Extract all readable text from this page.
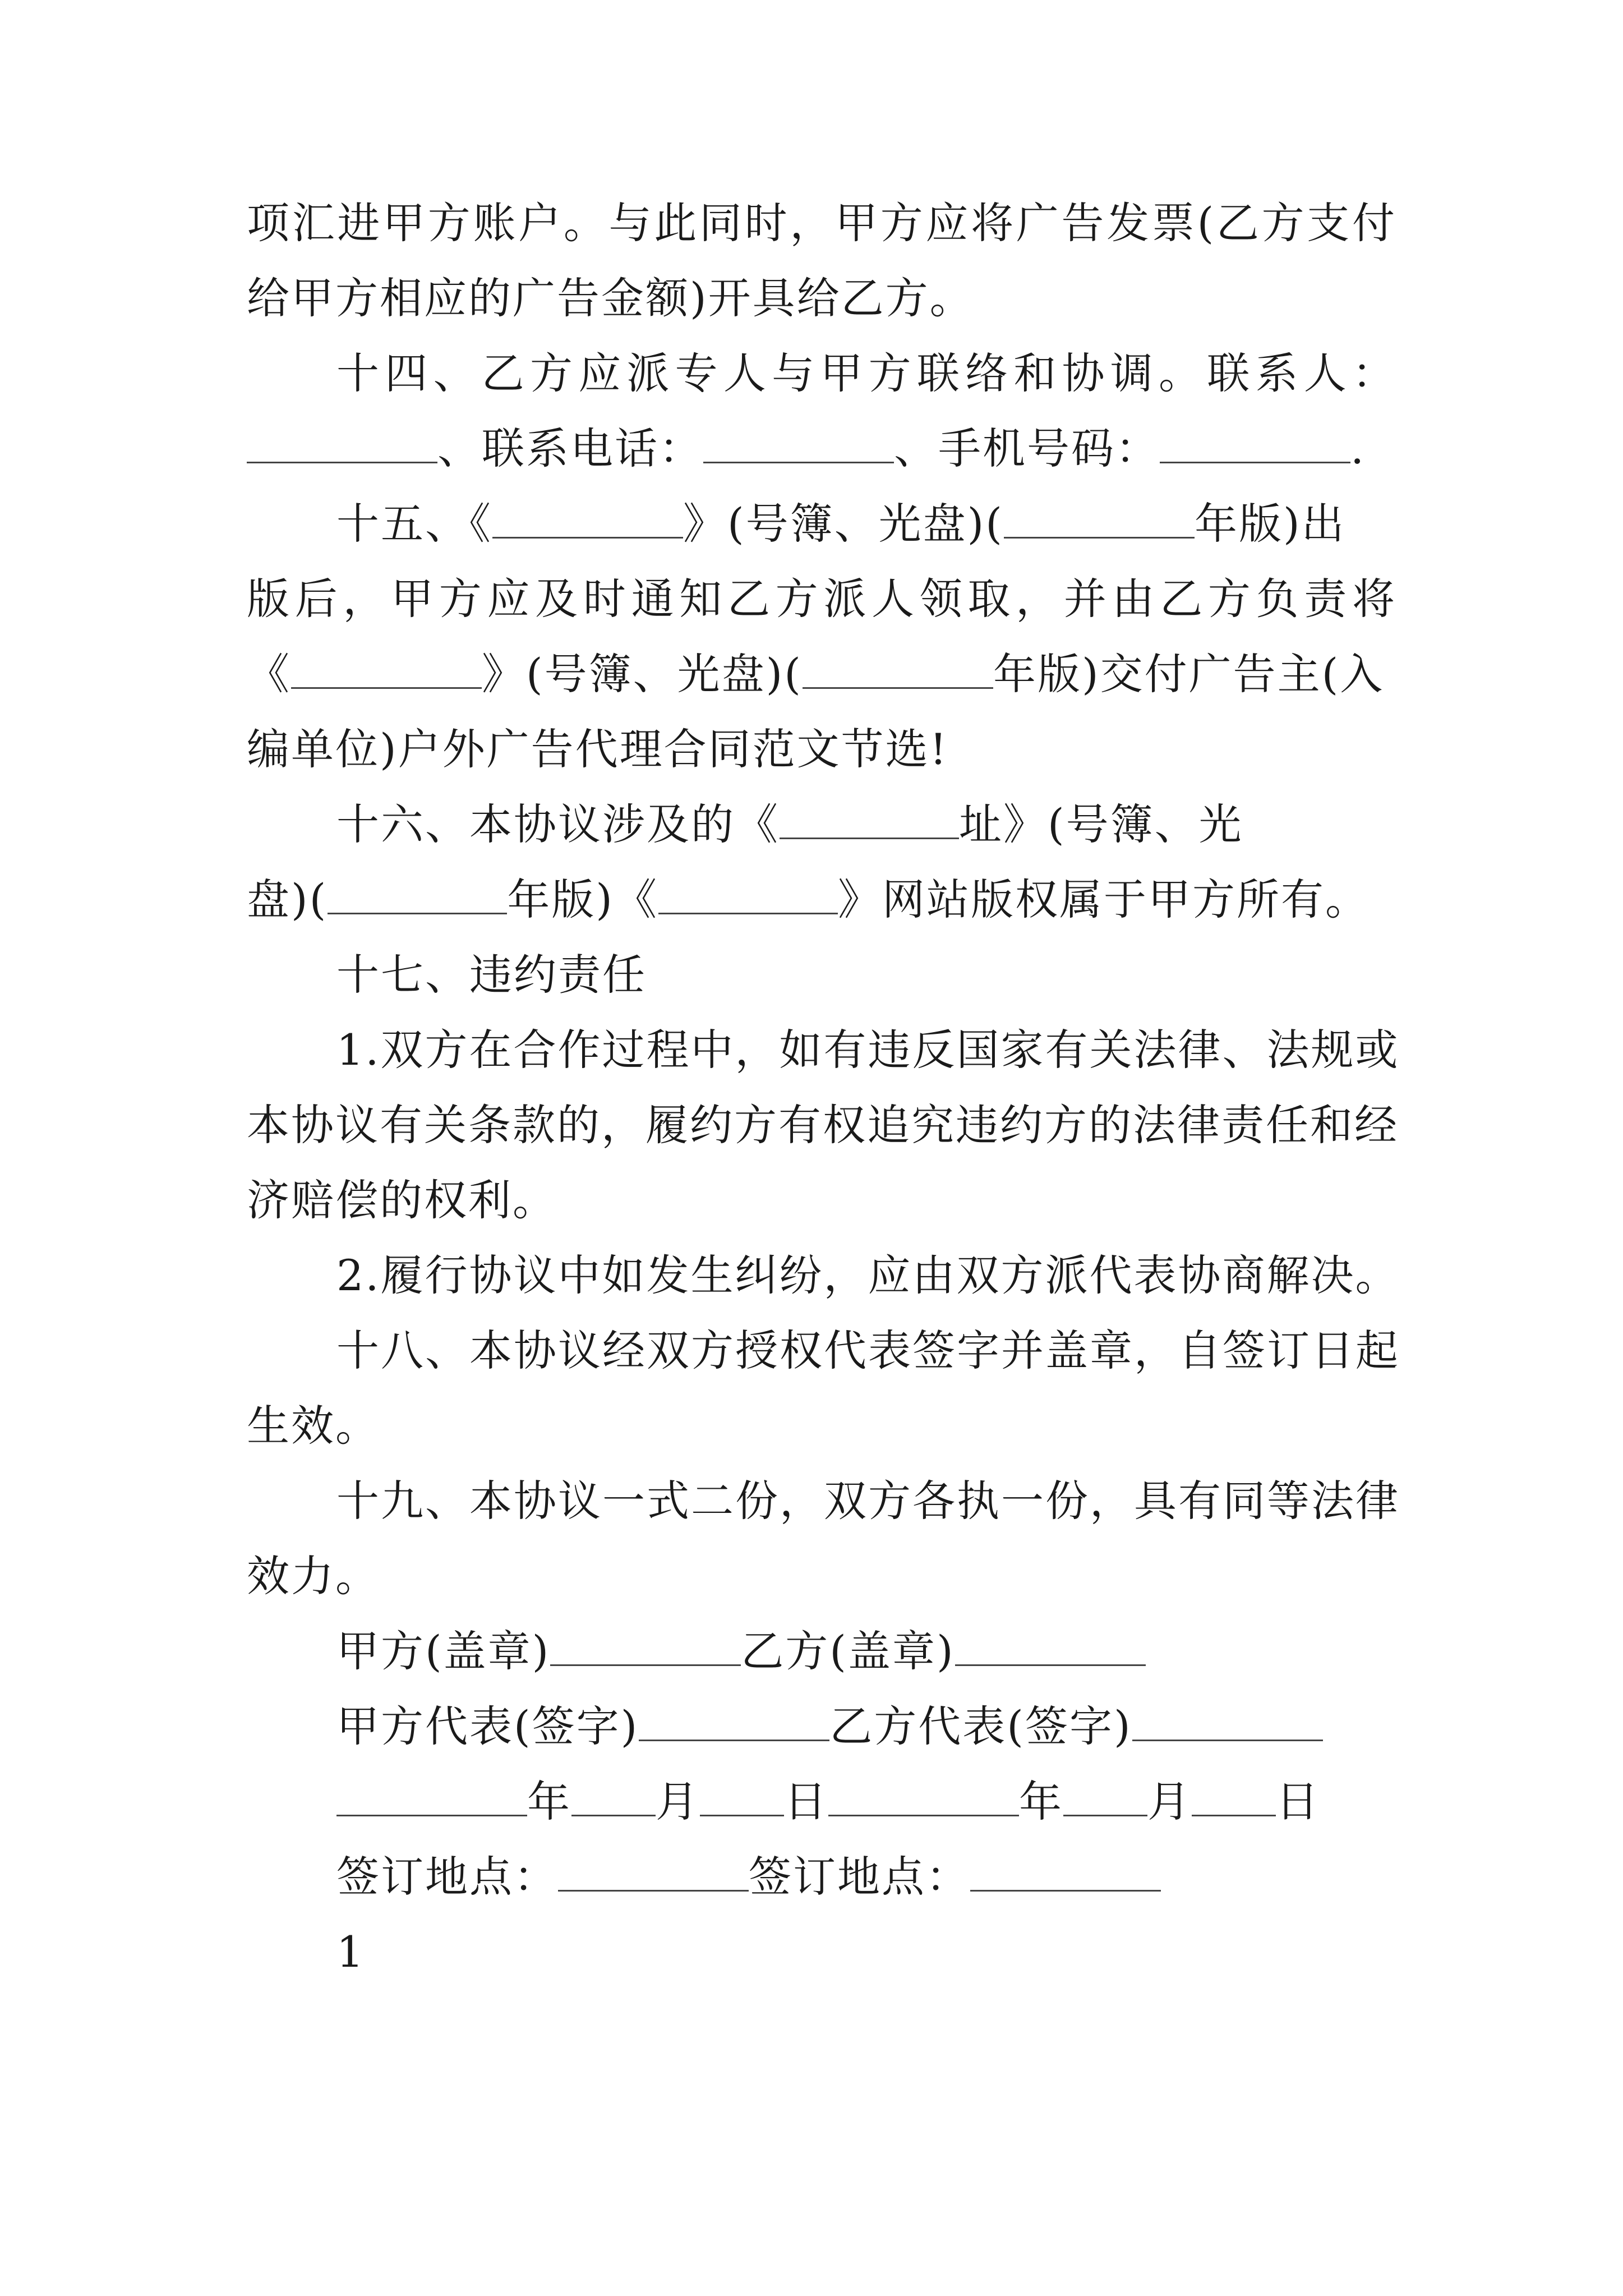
项汇进甲方账户。与此同时，甲方应将广告发票(乙方支付
给甲方相应的广告金额)开具给乙方。
十四、乙方应派专人与甲方联络和协调。联系人：
、联系电话：	、手机号码：	.
十五、《	》(号簿、光盘)(	年版)出
版后，甲方应及时通知乙方派人领取，并由乙方负责将
《	》(号簿、光盘)(	年版)交付广告主(入
编单位)户外广告代理合同范文节选!
十六、本协议涉及的《	址》(号簿、光
盘)(	年版)《	》网站版权属于甲方所有。
十七、违约责任
1.双方在合作过程中，如有违反国家有关法律、法规或
本协议有关条款的，履约方有权追究违约方的法律责任和经
济赔偿的权利。
2.履行协议中如发生纠纷，应由双方派代表协商解决。
十八、本协议经双方授权代表签字并盖章，自签订日起
生效。
十九、本协议一式二份，双方各执一份，具有同等法律
效力。
甲方(盖章)	乙方(盖章)
甲方代表(签字)	乙方代表(签字)
年 月 日	年 月 日
签订地点：	签订地点：
1
